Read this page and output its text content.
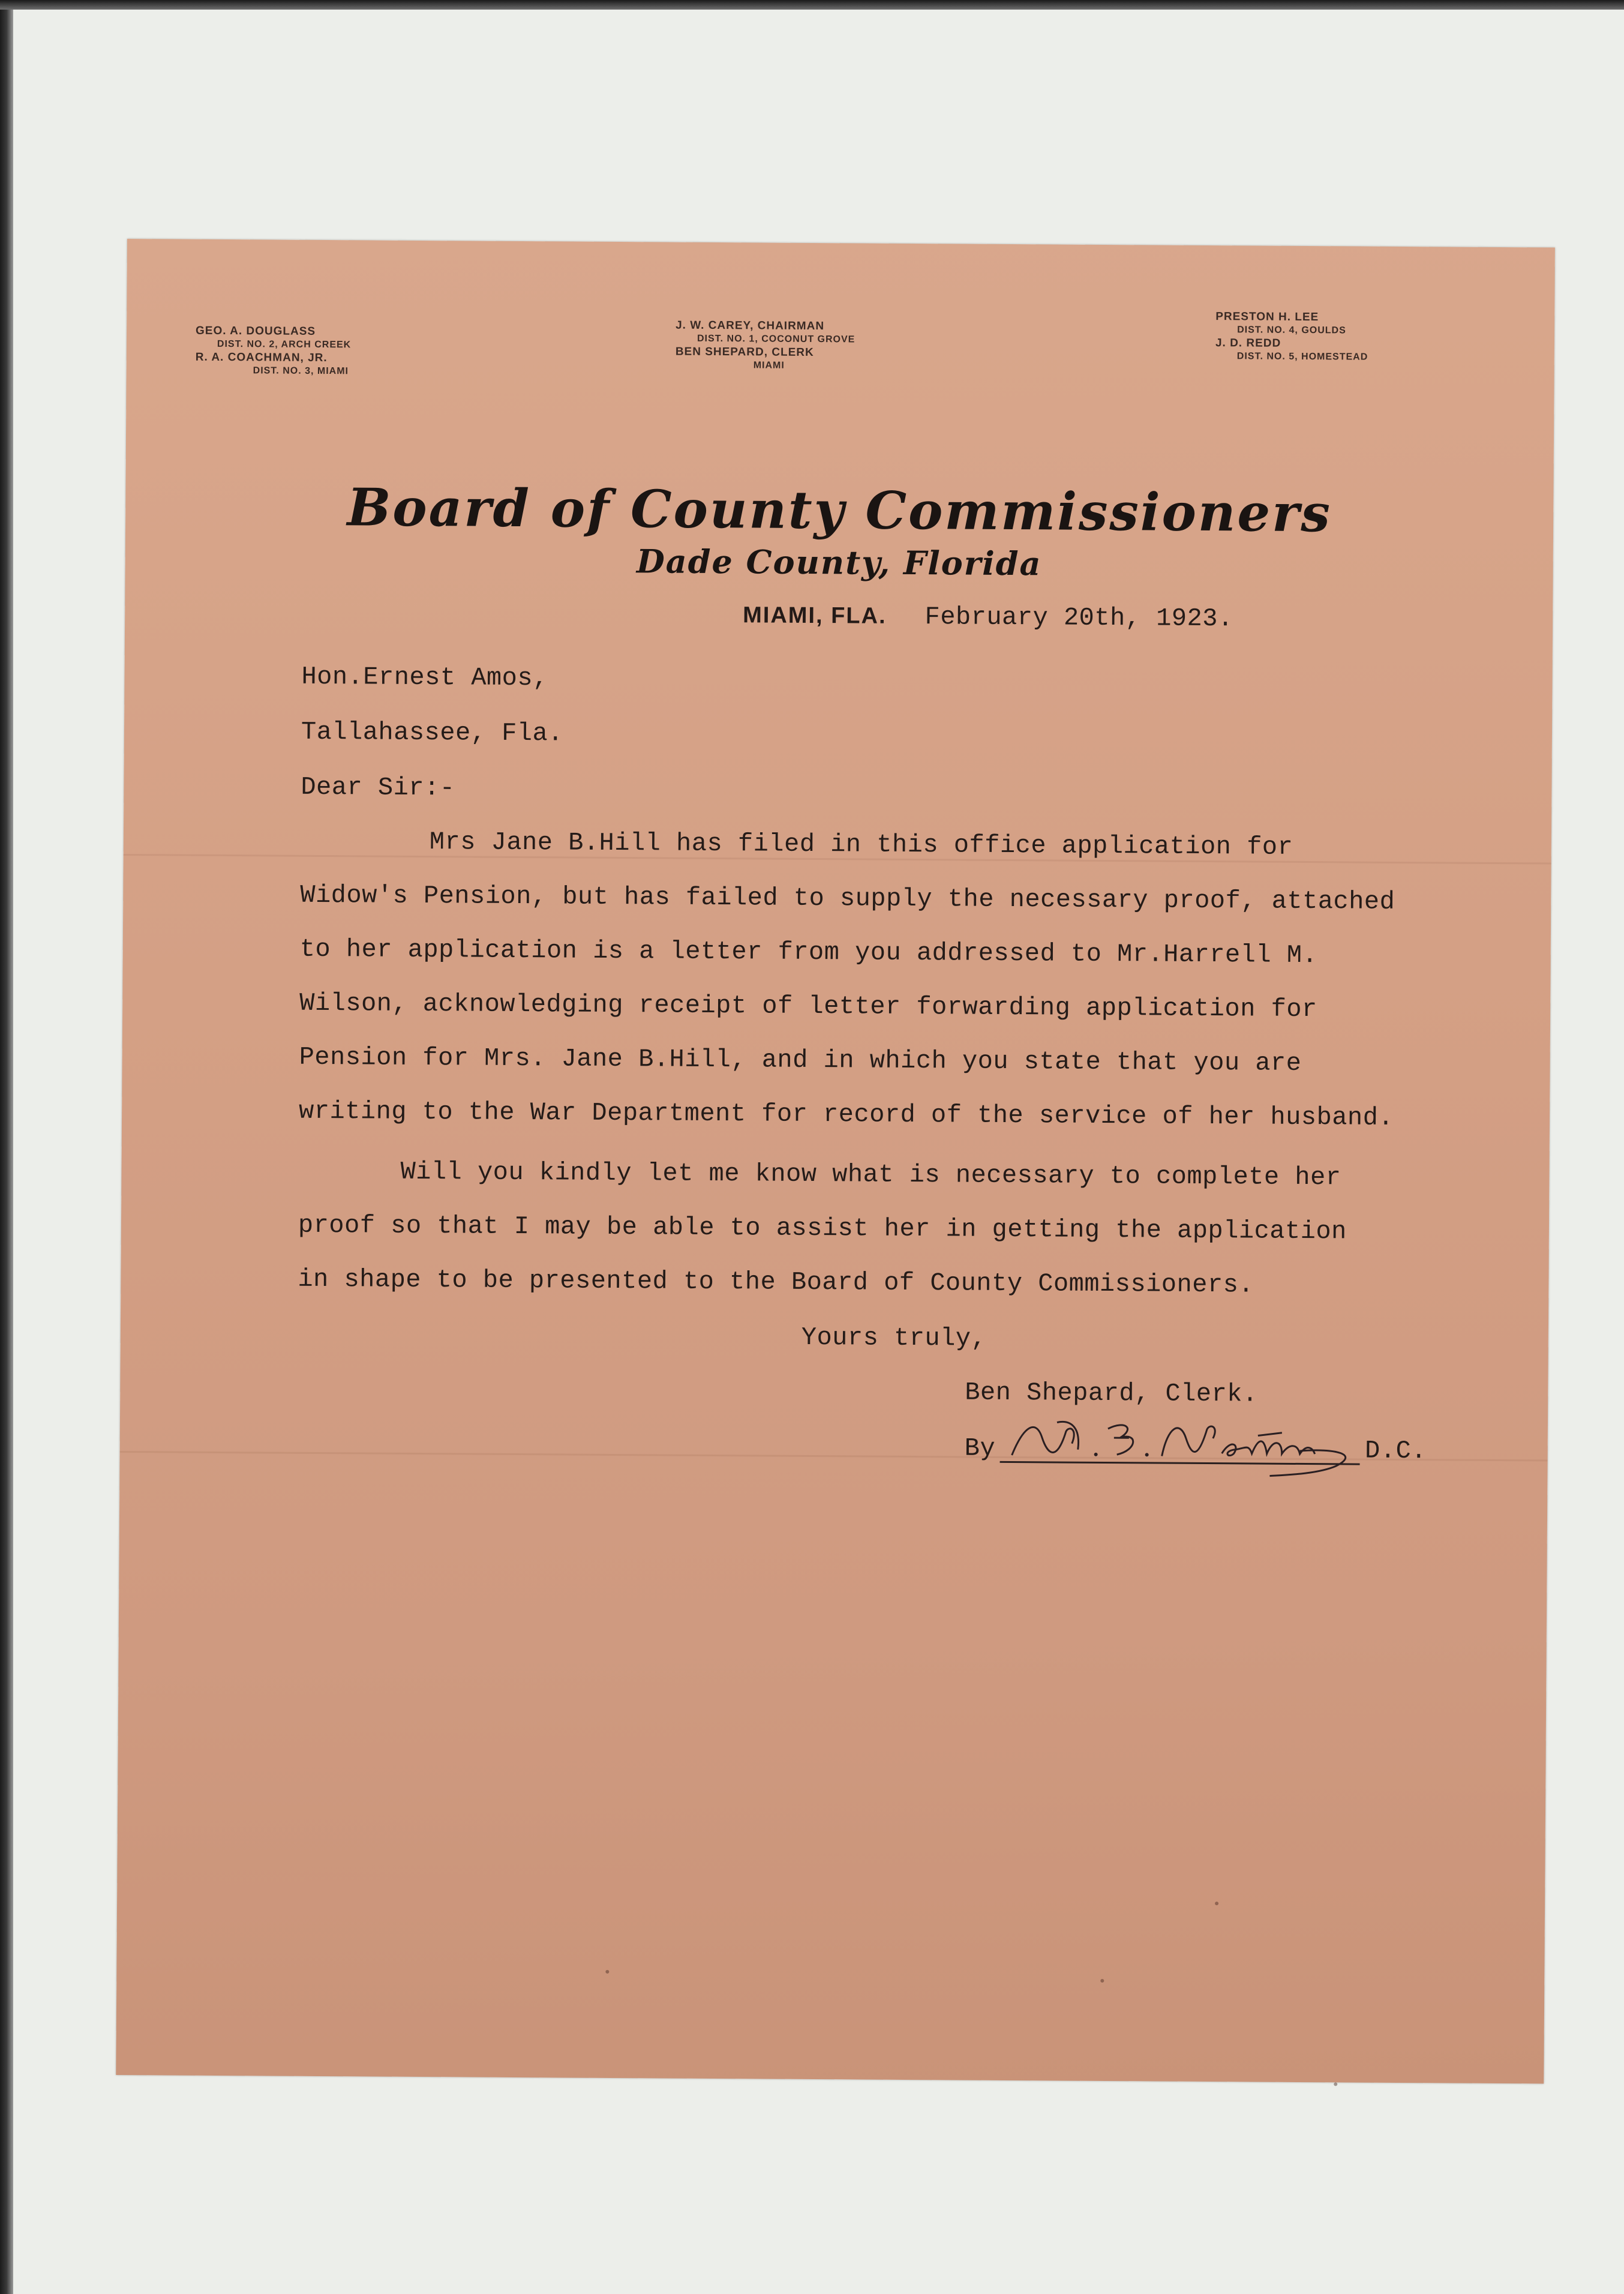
GEO. A. DOUGLASS
DIST. NO. 2, ARCH CREEK
R. A. COACHMAN, JR.
DIST. NO. 3, MIAMI
J. W. CAREY, CHAIRMAN
DIST. NO. 1, COCONUT GROVE
BEN SHEPARD, CLERK
MIAMI
PRESTON H. LEE
DIST. NO. 4, GOULDS
J. D. REDD
DIST. NO. 5, HOMESTEAD
Board of County Commissioners
Dade County, Florida
MIAMI, FLA. February 20th, 1923.
Hon.Ernest Amos,
Tallahassee, Fla.
Dear Sir:-
Mrs Jane B.Hill has filed in this office application for
Widow's Pension, but has failed to supply the necessary proof, attached
to her application is a letter from you addressed to Mr.Harrell M.
Wilson, acknowledging receipt of letter forwarding application for
Pension for Mrs. Jane B.Hill, and in which you state that you are
writing to the War Department for record of the service of her husband.
Will you kindly let me know what is necessary to complete her
proof so that I may be able to assist her in getting the application
in shape to be presented to the Board of County Commissioners.
Yours truly,
Ben Shepard, Clerk.
By	D.C.
